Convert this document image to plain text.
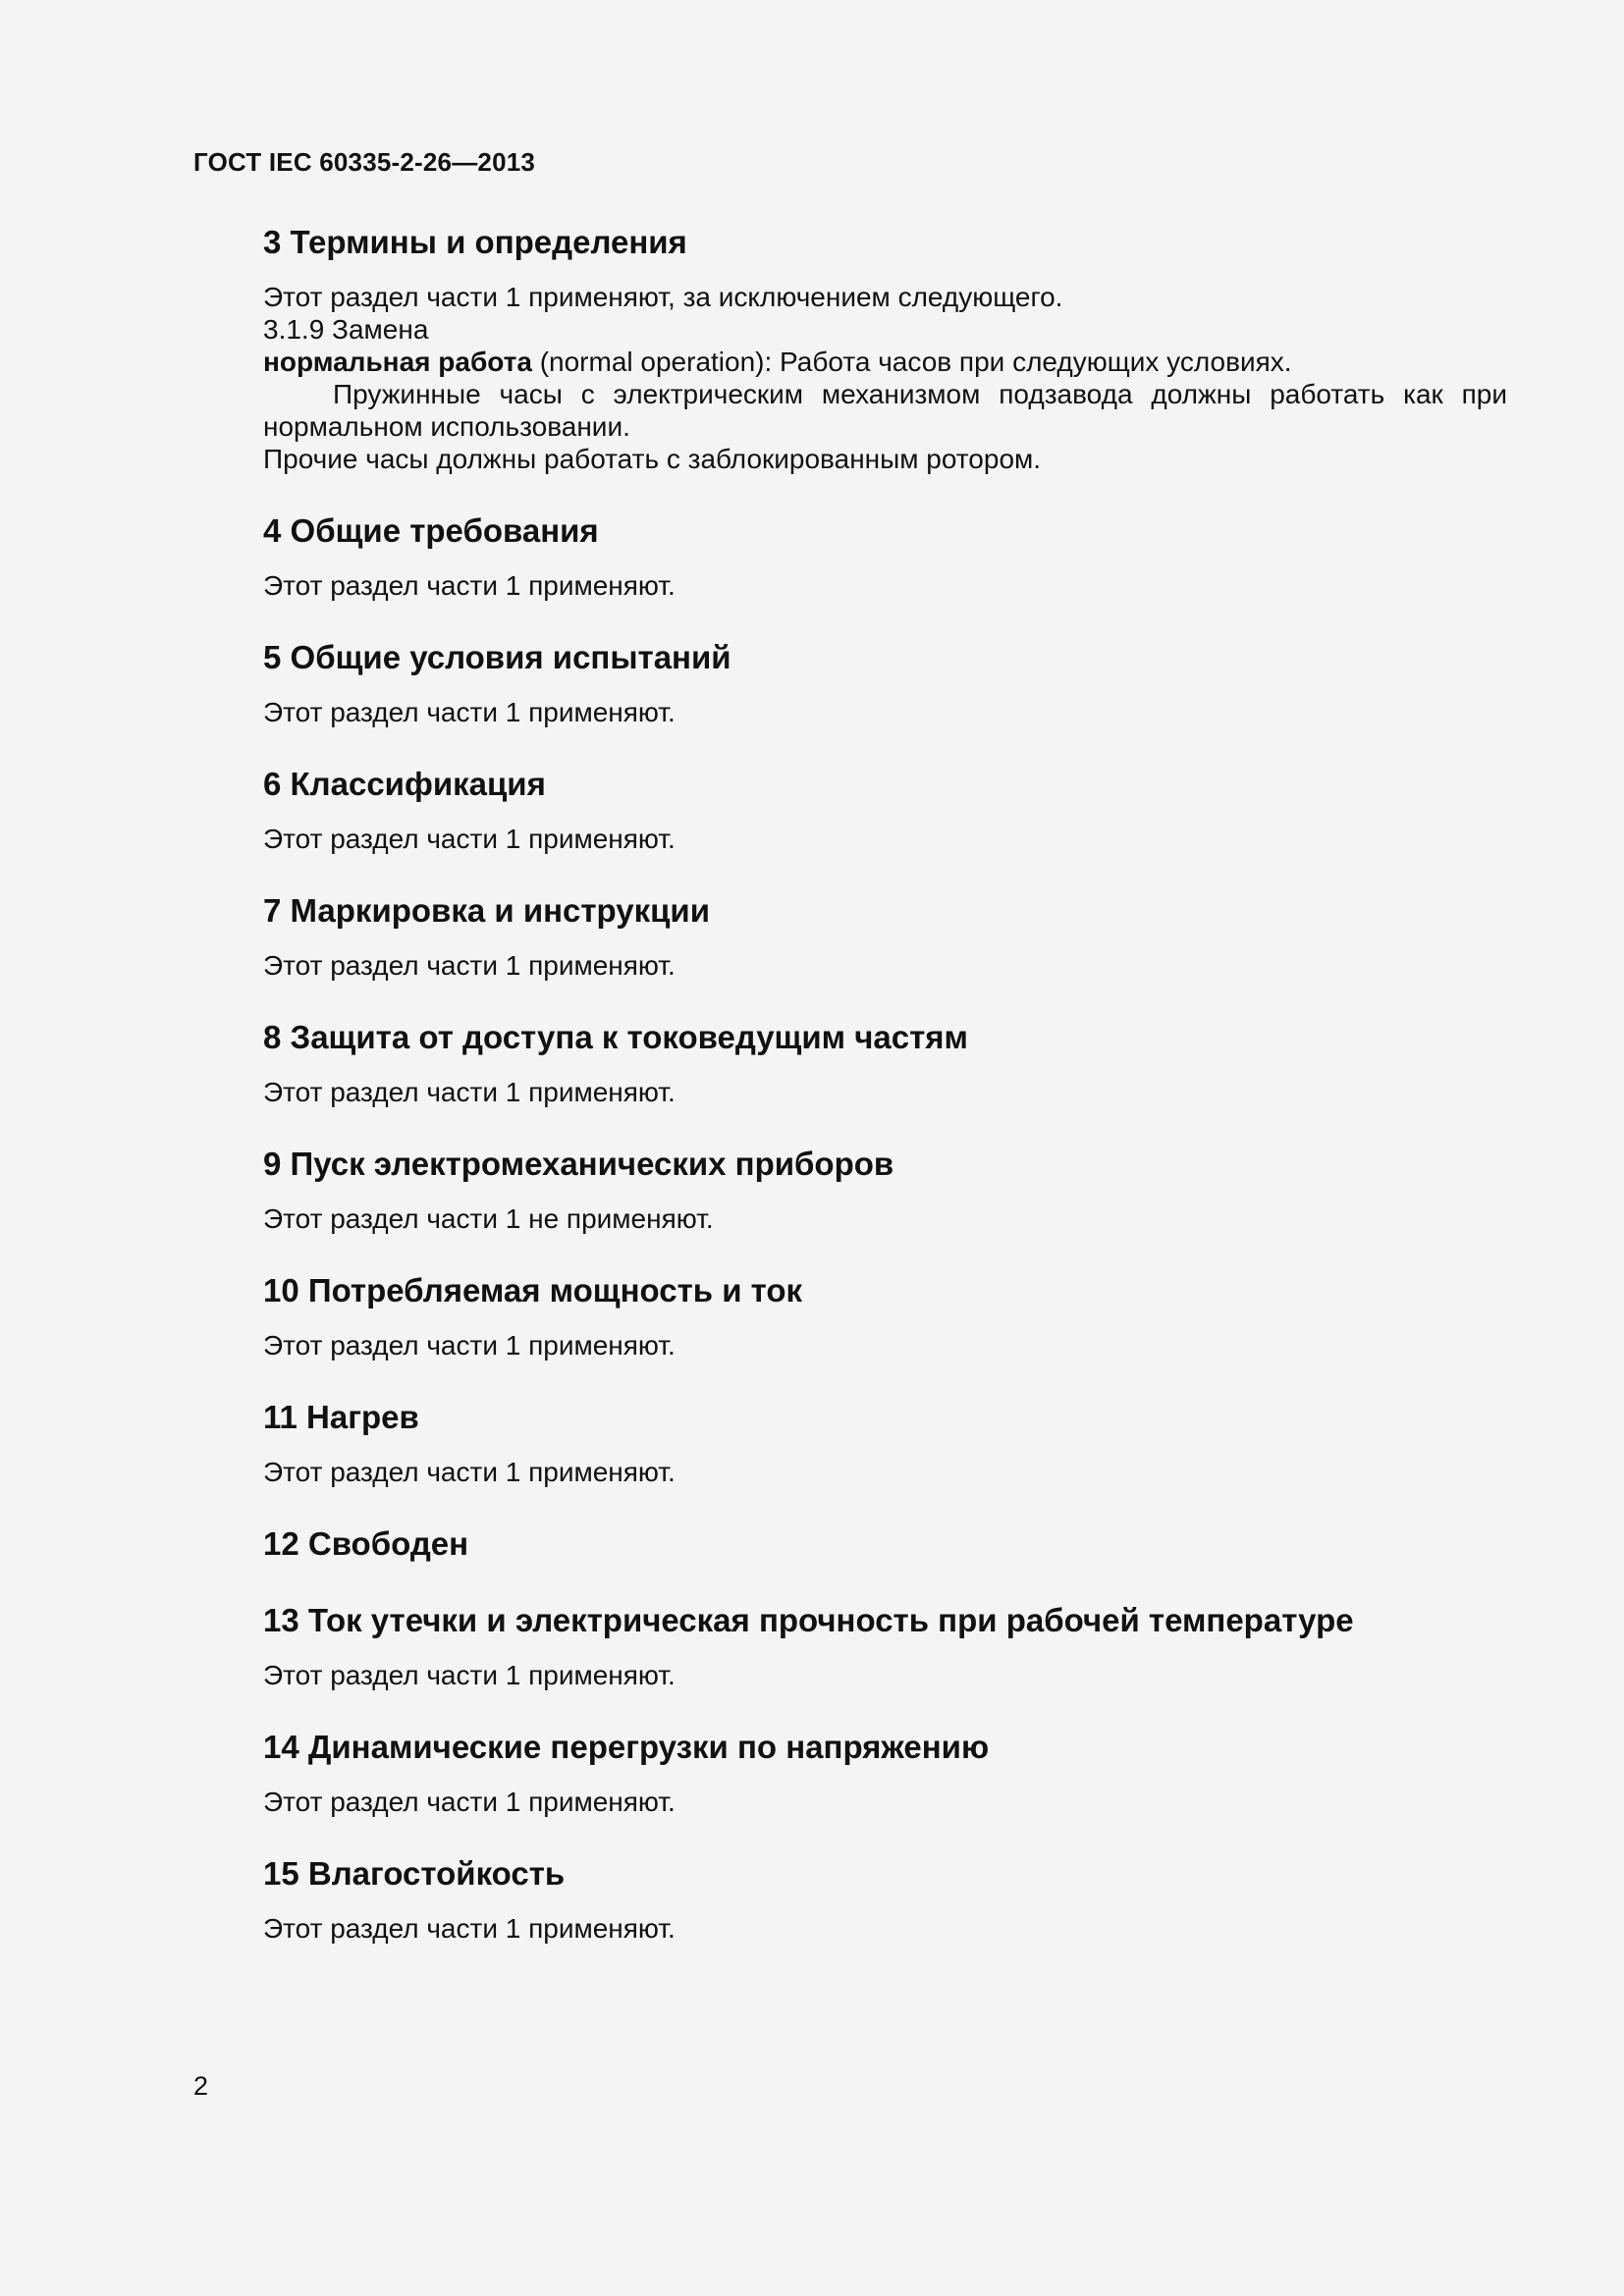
ГОСТ IEC 60335-2-26—2013
3 Термины и определения

Этот раздел части 1 применяют, за исключением следующего.

3.1.9 Замена

нормальная работа (normal operation): Работа часов при следующих условиях.

Пружинные часы с электрическим механизмом подзавода должны работать как при нормальном использовании.

Прочие часы должны работать с заблокированным ротором.

4 Общие требования

Этот раздел части 1 применяют.

5 Общие условия испытаний

Этот раздел части 1 применяют.

6 Классификация

Этот раздел части 1 применяют.

7 Маркировка и инструкции

Этот раздел части 1 применяют.

8 Защита от доступа к токоведущим частям

Этот раздел части 1 применяют.

9 Пуск электромеханических приборов

Этот раздел части 1 не применяют.

10 Потребляемая мощность и ток

Этот раздел части 1 применяют.

11 Нагрев

Этот раздел части 1 применяют.

12 Свободен
13 Ток утечки и электрическая прочность при рабочей температуре

Этот раздел части 1 применяют.

14 Динамические перегрузки по напряжению

Этот раздел части 1 применяют.

15 Влагостойкость

Этот раздел части 1 применяют.

2
